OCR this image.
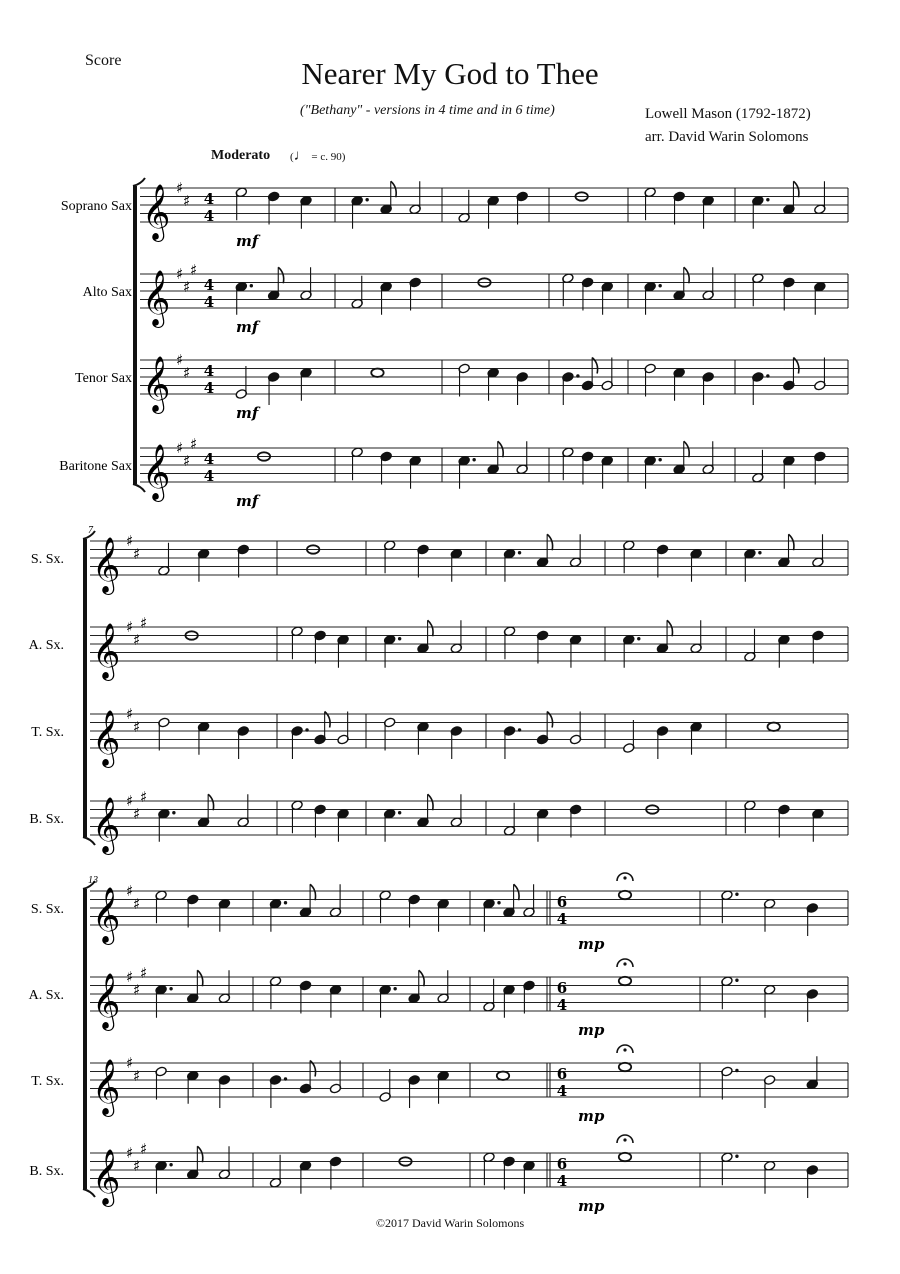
Score	Nearer My God to Thee
("Bethany" - versions in 4 time and in 6 time)	Lowell Mason (1792-1872)
arr. David Warin Solomons
Moderato (♩ = c. 90)
Soprano Sax 𝄞 ♯
♯ 4
4
mf
Alto Sax 𝄞 ♯
♯
♯
4
4
mf
Tenor Sax 𝄞 ♯
♯ 4
4
mf
Baritone Sax 𝄞 ♯
♯
♯
4
4
mf
7
S. Sx. 𝄞 ♯
♯
A. Sx. 𝄞 ♯
♯
♯
T. Sx. 𝄞 ♯
♯
B. Sx. 𝄞 ♯
♯
♯
13
S. Sx. 𝄞 ♯
♯	6
4
mp
A. Sx. 𝄞 ♯
♯
♯
6
4
mp
T. Sx. 𝄞 ♯
♯	6
4
mp
B. Sx. 𝄞 ♯
♯
♯
6
4
mp
©2017 David Warin Solomons
